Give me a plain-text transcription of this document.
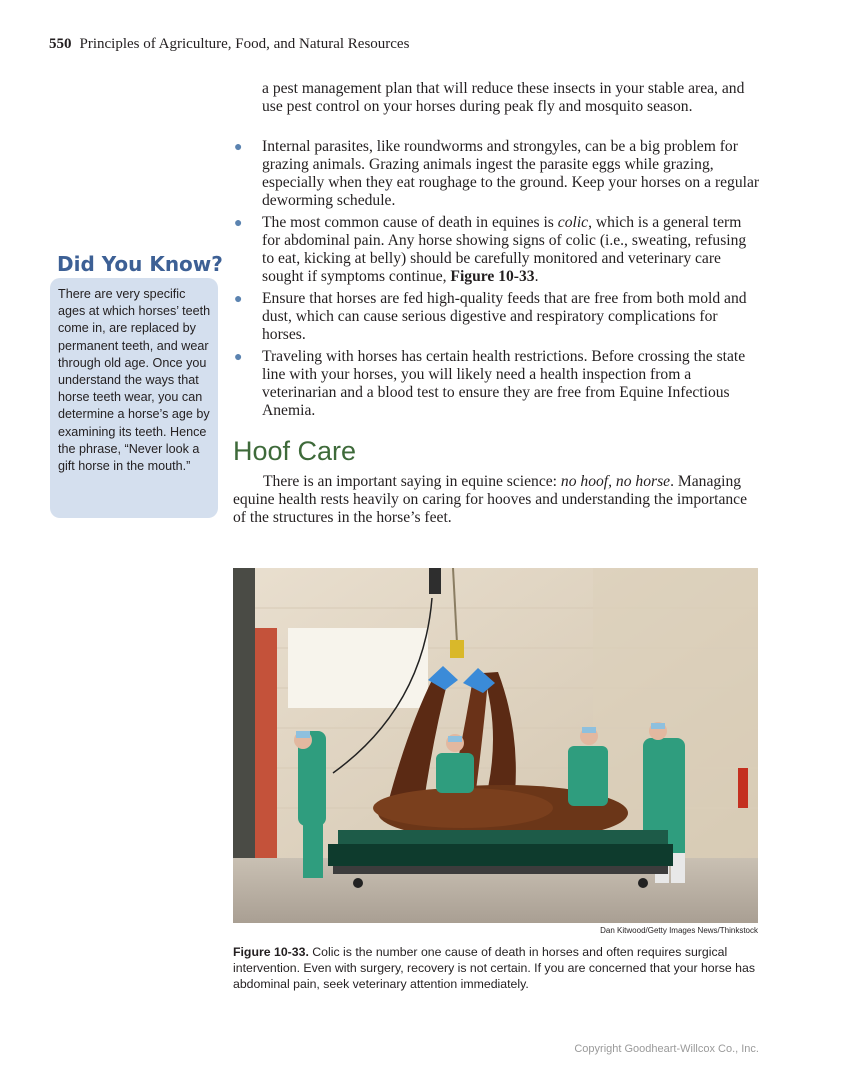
550 Principles of Agriculture, Food, and Natural Resources

a pest management plan that will reduce these insects in your stable area, and use pest control on your horses during peak fly and mosquito season.

● Internal parasites, like roundworms and strongyles, can be a big problem for grazing animals. Grazing animals ingest the parasite eggs while grazing, especially when they eat roughage to the ground. Keep your horses on a regular deworming schedule.
● The most common cause of death in equines is colic, which is a general term for abdominal pain. Any horse showing signs of colic (i.e., sweating, refusing to eat, kicking at belly) should be carefully monitored and veterinary care sought if symptoms continue, Figure 10-33.
● Ensure that horses are fed high-quality feeds that are free from both mold and dust, which can cause serious digestive and respiratory complications for horses.
● Traveling with horses has certain health restrictions. Before crossing the state line with your horses, you will likely need a health inspection from a veterinarian and a blood test to ensure they are free from Equine Infectious Anemia.
Did You Know?
There are very specific ages at which horses’ teeth come in, are replaced by permanent teeth, and wear through old age. Once you understand the ways that horse teeth wear, you can determine a horse’s age by examining its teeth. Hence the phrase, “Never look a gift horse in the mouth.”
Hoof Care

There is an important saying in equine science: no hoof, no horse. Managing equine health rests heavily on caring for hooves and understanding the importance of the structures in the horse’s feet.

Dan Kitwood/Getty Images News/Thinkstock

Figure 10-33. Colic is the number one cause of death in horses and often requires surgical intervention. Even with surgery, recovery is not certain. If you are concerned that your horse has abdominal pain, seek veterinary attention immediately.

Copyright Goodheart-Willcox Co., Inc.
